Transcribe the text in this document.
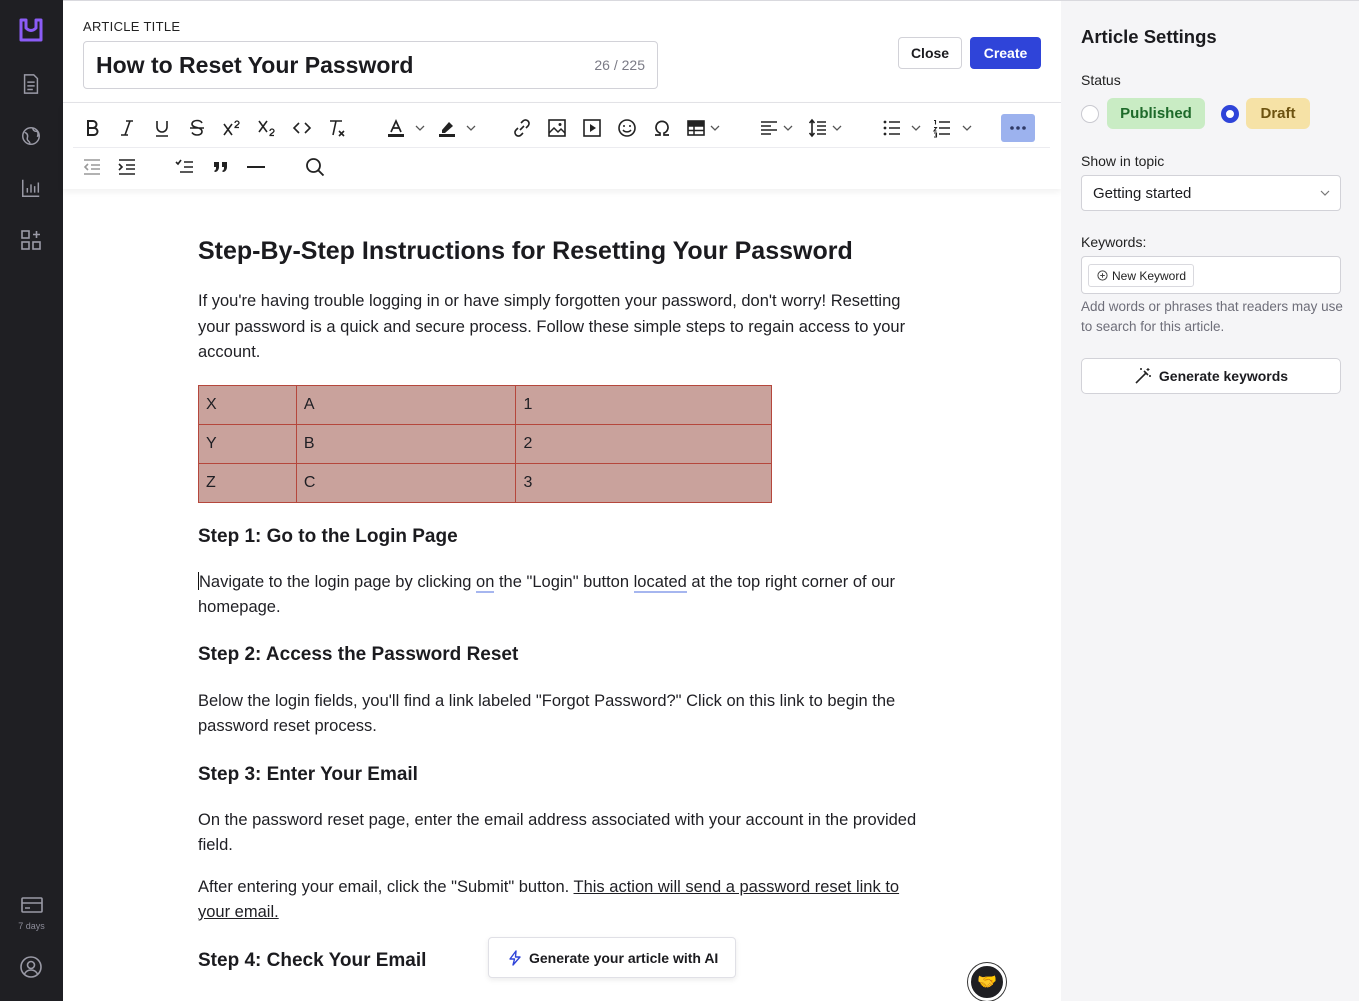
7 days
ARTICLE TITLE
How to Reset Your Password	26 / 225
Close	Create
Step-By-Step Instructions for Resetting Your Password

If you're having trouble logging in or have simply forgotten your password, don't worry! Resetting your password is a quick and secure process. Follow these simple steps to regain access to your account.

X	A	1
Y	B	2
Z	C	3
Step 1: Go to the Login Page

Navigate to the login page by clicking on the "Login" button located at the top right corner of our homepage.

Step 2: Access the Password Reset

Below the login fields, you'll find a link labeled "Forgot Password?" Click on this link to begin the password reset process.

Step 3: Enter Your Email

On the password reset page, enter the email address associated with your account in the provided field.

After entering your email, click the "Submit" button. This action will send a password reset link to your email.

Step 4: Check Your Email	Generate your article with AI
🤝
Article Settings
Status
Published	Draft
Show in topic
Getting started
Keywords:
New Keyword
Add words or phrases that readers may use to search for this article.
Generate keywords
